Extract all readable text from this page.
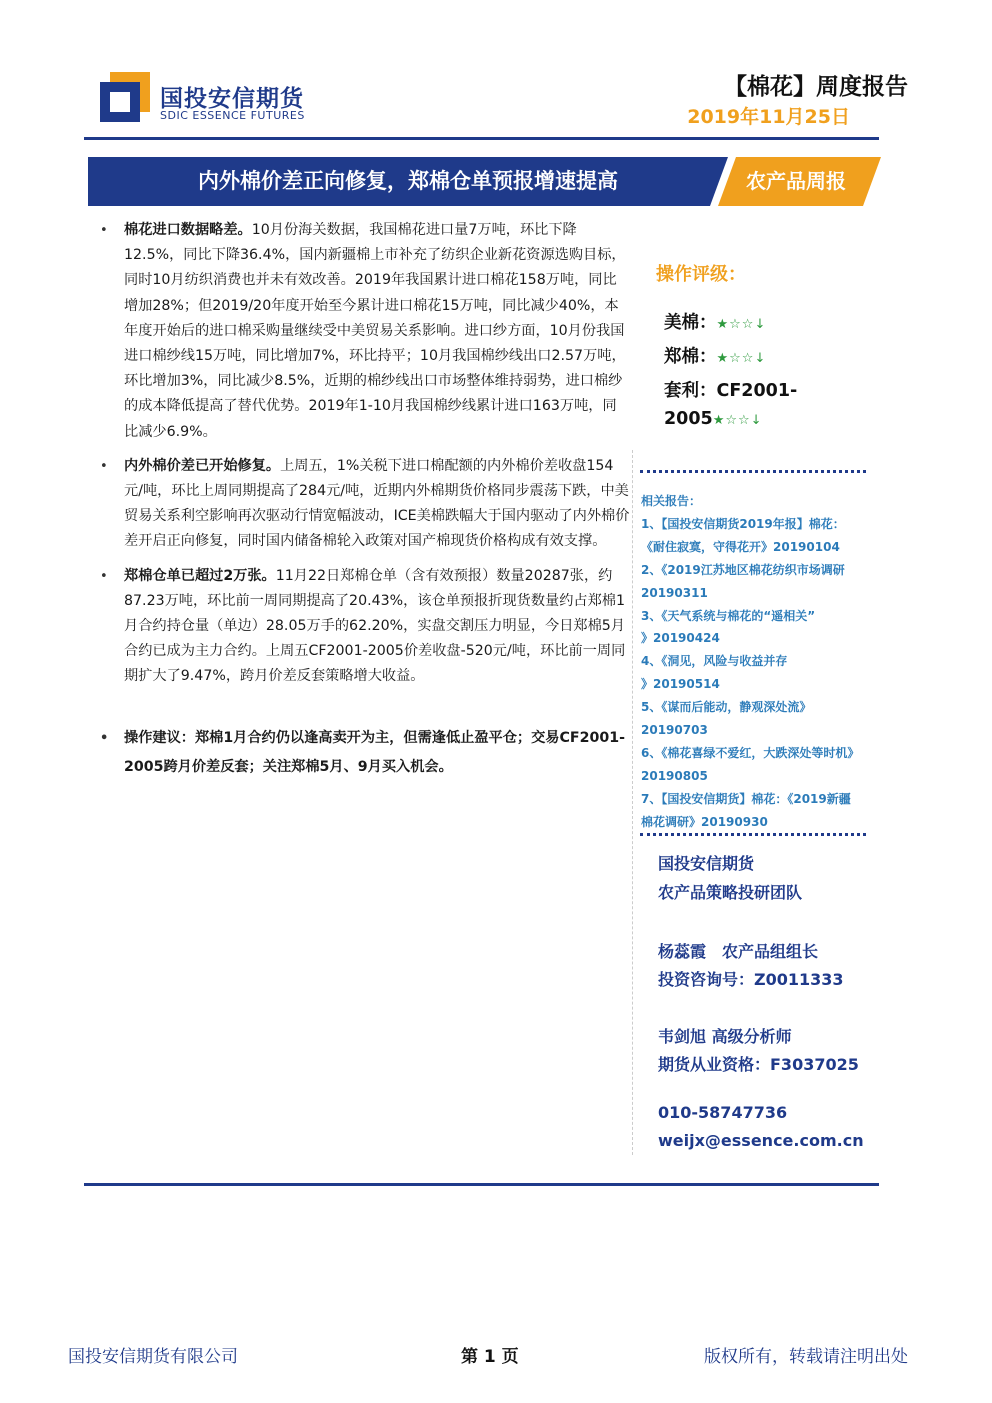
国投安信期货
SDIC ESSENCE FUTURES
【棉花】周度报告
2019年11月25日
内外棉价差正向修复，郑棉仓单预报增速提高	农产品周报

• 棉花进口数据略差。10月份海关数据，我国棉花进口量7万吨，环比下降12.5%，同比下降36.4%，国内新疆棉上市补充了纺织企业新花资源选购目标，同时10月纺织消费也并未有效改善。2019年我国累计进口棉花158万吨，同比增加28%；但2019/20年度开始至今累计进口棉花15万吨，同比减少40%，本年度开始后的进口棉采购量继续受中美贸易关系影响。进口纱方面，10月份我国进口棉纱线15万吨，同比增加7%，环比持平；10月我国棉纱线出口2.57万吨，环比增加3%，同比减少8.5%，近期的棉纱线出口市场整体维持弱势，进口棉纱的成本降低提高了替代优势。2019年1-10月我国棉纱线累计进口163万吨，同比减少6.9%。

• 内外棉价差已开始修复。上周五，1%关税下进口棉配额的内外棉价差收盘154元/吨，环比上周同期提高了284元/吨，近期内外棉期货价格同步震荡下跌，中美贸易关系利空影响再次驱动行情宽幅波动，ICE美棉跌幅大于国内驱动了内外棉价差开启正向修复，同时国内储备棉轮入政策对国产棉现货价格构成有效支撑。

• 郑棉仓单已超过2万张。11月22日郑棉仓单（含有效预报）数量20287张，约87.23万吨，环比前一周同期提高了20.43%，该仓单预报折现货数量约占郑棉1月合约持仓量（单边）28.05万手的62.20%，实盘交割压力明显，今日郑棉5月合约已成为主力合约。上周五CF2001-2005价差收盘-520元/吨，环比前一周同期扩大了9.47%，跨月价差反套策略增大收益。

• 操作建议：郑棉1月合约仍以逢高卖开为主，但需逢低止盈平仓；交易CF2001-2005跨月价差反套；关注郑棉5月、9月买入机会。

操作评级：
美棉：★☆☆↓
郑棉：★☆☆↓
套利：CF2001-
2005★☆☆↓
相关报告：
1、【国投安信期货2019年报】棉花：
《耐住寂寞，守得花开》20190104
2、《2019江苏地区棉花纺织市场调研
20190311
3、《天气系统与棉花的“遥相关”
》20190424
4、《洞见，风险与收益并存
》20190514
5、《谋而后能动，静观深处流》
20190703
6、《棉花喜绿不爱红，大跌深处等时机》
20190805
7、【国投安信期货】棉花：《2019新疆
棉花调研》20190930
国投安信期货
农产品策略投研团队
杨蕊霞　农产品组组长
投资咨询号：Z0011333
韦剑旭 高级分析师
期货从业资格：F3037025
010-58747736
weijx@essence.com.cn
国投安信期货有限公司	第 1 页	版权所有，转载请注明出处
